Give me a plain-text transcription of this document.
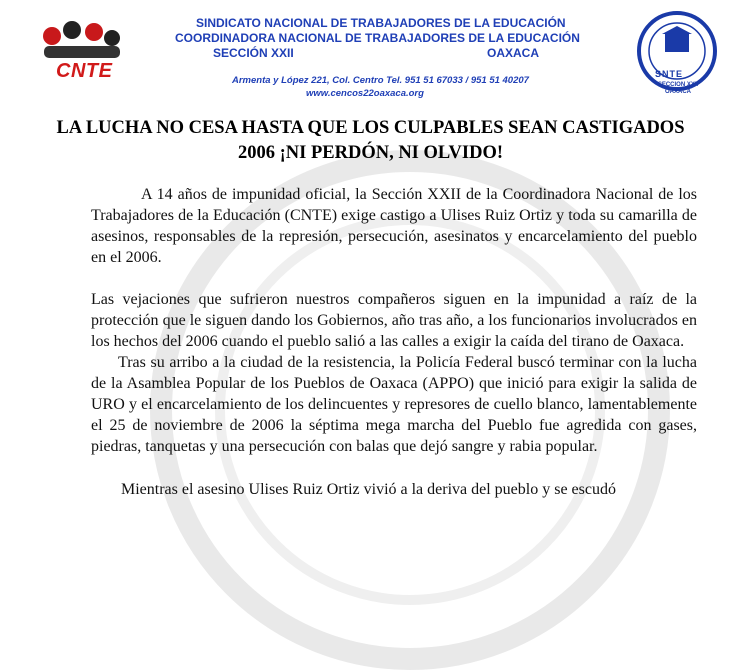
CNTE
SINDICATO NACIONAL DE TRABAJADORES DE LA EDUCACIÓN
COORDINADORA NACIONAL DE TRABAJADORES DE LA EDUCACIÓN
SECCIÓN XXII	OAXACA
Armenta y López 221, Col. Centro Tel. 951 51 67033 / 951 51 40207
www.cencos22oaxaca.org
SNTE
SECCION XXII OAXACA
LA LUCHA NO CESA HASTA QUE LOS CULPABLES SEAN CASTIGADOS
2006 ¡NI PERDÓN, NI OLVIDO!

A 14 años de impunidad oficial, la Sección XXII de la Coordinadora Nacional de los Trabajadores de la Educación (CNTE) exige castigo a Ulises Ruiz Ortiz y toda su camarilla de asesinos, responsables de la represión, persecución, asesinatos y encarcelamiento del pueblo en el 2006.

Las vejaciones que sufrieron nuestros compañeros siguen en la impunidad a raíz de la protección que le siguen dando los Gobiernos, año tras año, a los funcionarios involucrados en los hechos del 2006 cuando el pueblo salió a las calles a exigir la caída del tirano de Oaxaca.

Tras su arribo a la ciudad de la resistencia, la Policía Federal buscó terminar con la lucha de la Asamblea Popular de los Pueblos de Oaxaca (APPO) que inició para exigir la salida de URO y el encarcelamiento de los delincuentes y represores de cuello blanco, lamentablemente el 25 de noviembre de 2006 la séptima mega marcha del Pueblo fue agredida con gases, piedras, tanquetas y una persecución con balas que dejó sangre y rabia popular.

Mientras el asesino Ulises Ruiz Ortiz vivió a la deriva del pueblo y se escudó
